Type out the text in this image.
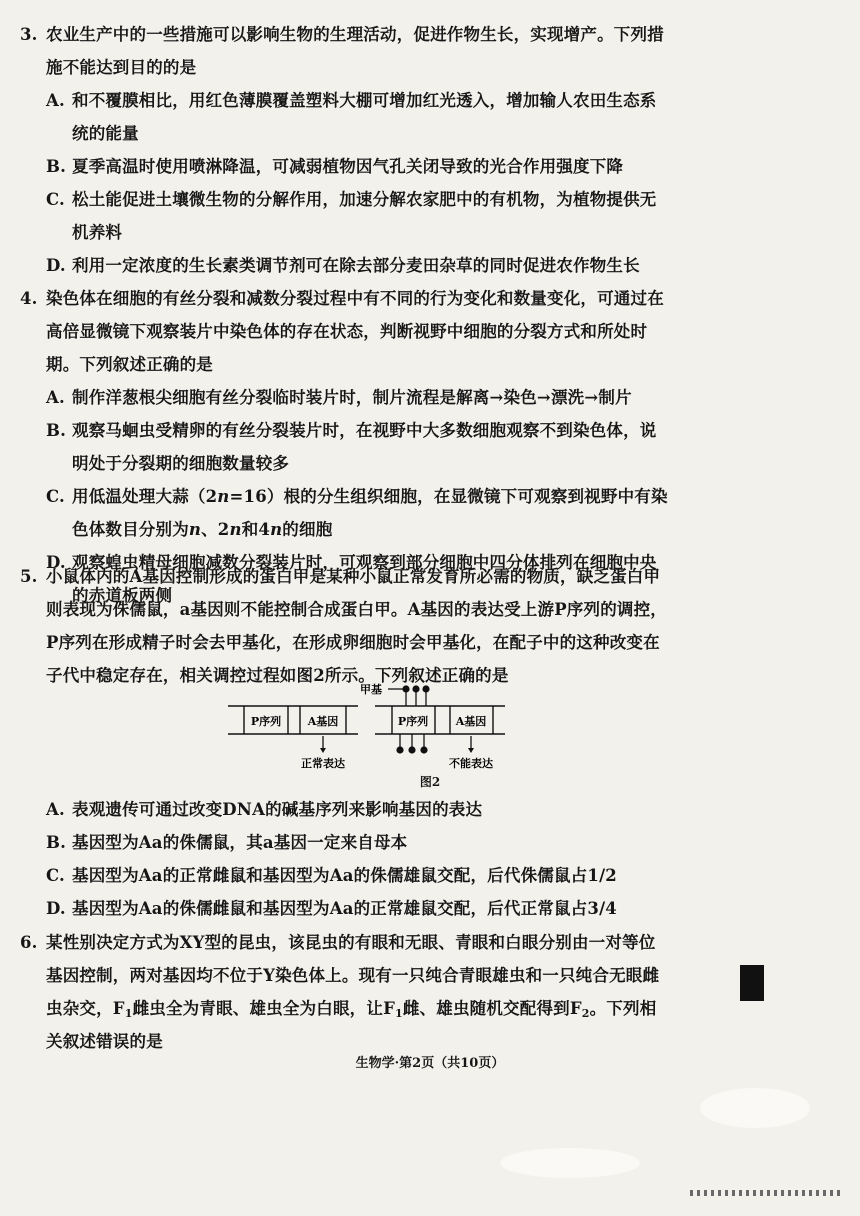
3. 农业生产中的一些措施可以影响生物的生理活动，促进作物生长，实现增产。下列措
施不能达到目的的是
A. 和不覆膜相比，用红色薄膜覆盖塑料大棚可增加红光透入，增加输人农田生态系
统的能量
B. 夏季高温时使用喷淋降温，可减弱植物因气孔关闭导致的光合作用强度下降
C. 松土能促进土壤微生物的分解作用，加速分解农家肥中的有机物，为植物提供无
机养料
D. 利用一定浓度的生长素类调节剂可在除去部分麦田杂草的同时促进农作物生长
4. 染色体在细胞的有丝分裂和减数分裂过程中有不同的行为变化和数量变化，可通过在
高倍显微镜下观察装片中染色体的存在状态，判断视野中细胞的分裂方式和所处时
期。下列叙述正确的是
A. 制作洋葱根尖细胞有丝分裂临时装片时，制片流程是解离→染色→漂洗→制片
B. 观察马蛔虫受精卵的有丝分裂装片时，在视野中大多数细胞观察不到染色体，说
明处于分裂期的细胞数量较多
C. 用低温处理大蒜（2n=16）根的分生组织细胞，在显微镜下可观察到视野中有染
色体数目分别为n、2n和4n的细胞
D. 观察蝗虫精母细胞减数分裂装片时，可观察到部分细胞中四分体排列在细胞中央
的赤道板两侧
5. 小鼠体内的A基因控制形成的蛋白甲是某种小鼠正常发育所必需的物质，缺乏蛋白甲
则表现为侏儒鼠，a基因则不能控制合成蛋白甲。A基因的表达受上游P序列的调控，
P序列在形成精子时会去甲基化，在形成卵细胞时会甲基化，在配子中的这种改变在
子代中稳定存在，相关调控过程如图2所示。下列叙述正确的是
P序列 A基因
正常表达
甲基
P序列	A基因
不能表达
图2
A. 表观遗传可通过改变DNA的碱基序列来影响基因的表达
B. 基因型为Aa的侏儒鼠，其a基因一定来自母本
C. 基因型为Aa的正常雌鼠和基因型为Aa的侏儒雄鼠交配，后代侏儒鼠占1/2
D. 基因型为Aa的侏儒雌鼠和基因型为Aa的正常雄鼠交配，后代正常鼠占3/4
6. 某性别决定方式为XY型的昆虫，该昆虫的有眼和无眼、青眼和白眼分别由一对等位
基因控制，两对基因均不位于Y染色体上。现有一只纯合青眼雄虫和一只纯合无眼雌
虫杂交，$F_1$雌虫全为青眼、雄虫全为白眼，让$F_1$雌、雄虫随机交配得到$F_2$。下列相
关叙述错误的是
生物学·第2页（共10页）
